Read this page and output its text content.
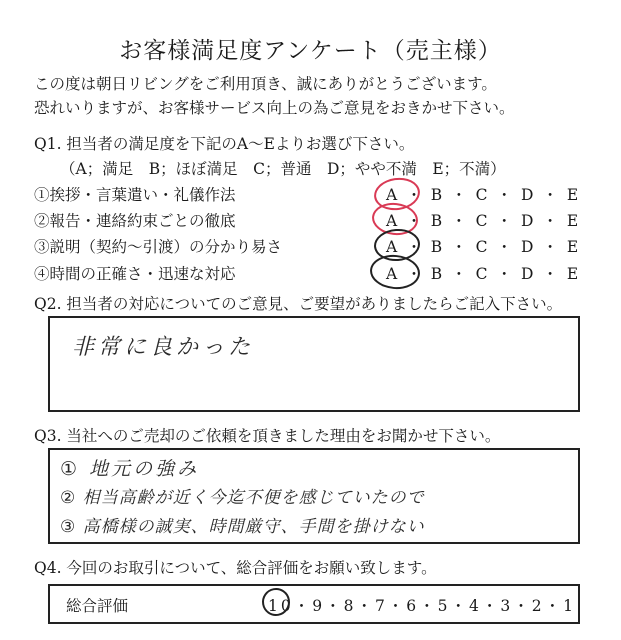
お客様満足度アンケート（売主様）
この度は朝日リビングをご利用頂き、誠にありがとうございます。
恐れいりますが、お客様サービス向上の為ご意見をおきかせ下さい。
Q1. 担当者の満足度を下記のA～Eよりお選び下さい。
（A；満足　B；ほぼ満足　C；普通　D；やや不満　E；不満）
①挨拶・言葉遣い・礼儀作法	A・B・C・D・E
②報告・連絡約束ごとの徹底	A・B・C・D・E
③説明（契約～引渡）の分かり易さ	A・B・C・D・E
④時間の正確さ・迅速な対応	A・B・C・D・E
Q2. 担当者の対応についてのご意見、ご要望がありましたらご記入下さい。
非常に良かった
Q3. 当社へのご売却のご依頼を頂きました理由をお聞かせ下さい。
① 地元の強み
② 相当高齢が近く今迄不便を感じていたので
③ 高橋様の誠実、時間厳守、手間を掛けない
Q4. 今回のお取引について、総合評価をお願い致します。
総合評価	10・9・8・7・6・5・4・3・2・1
